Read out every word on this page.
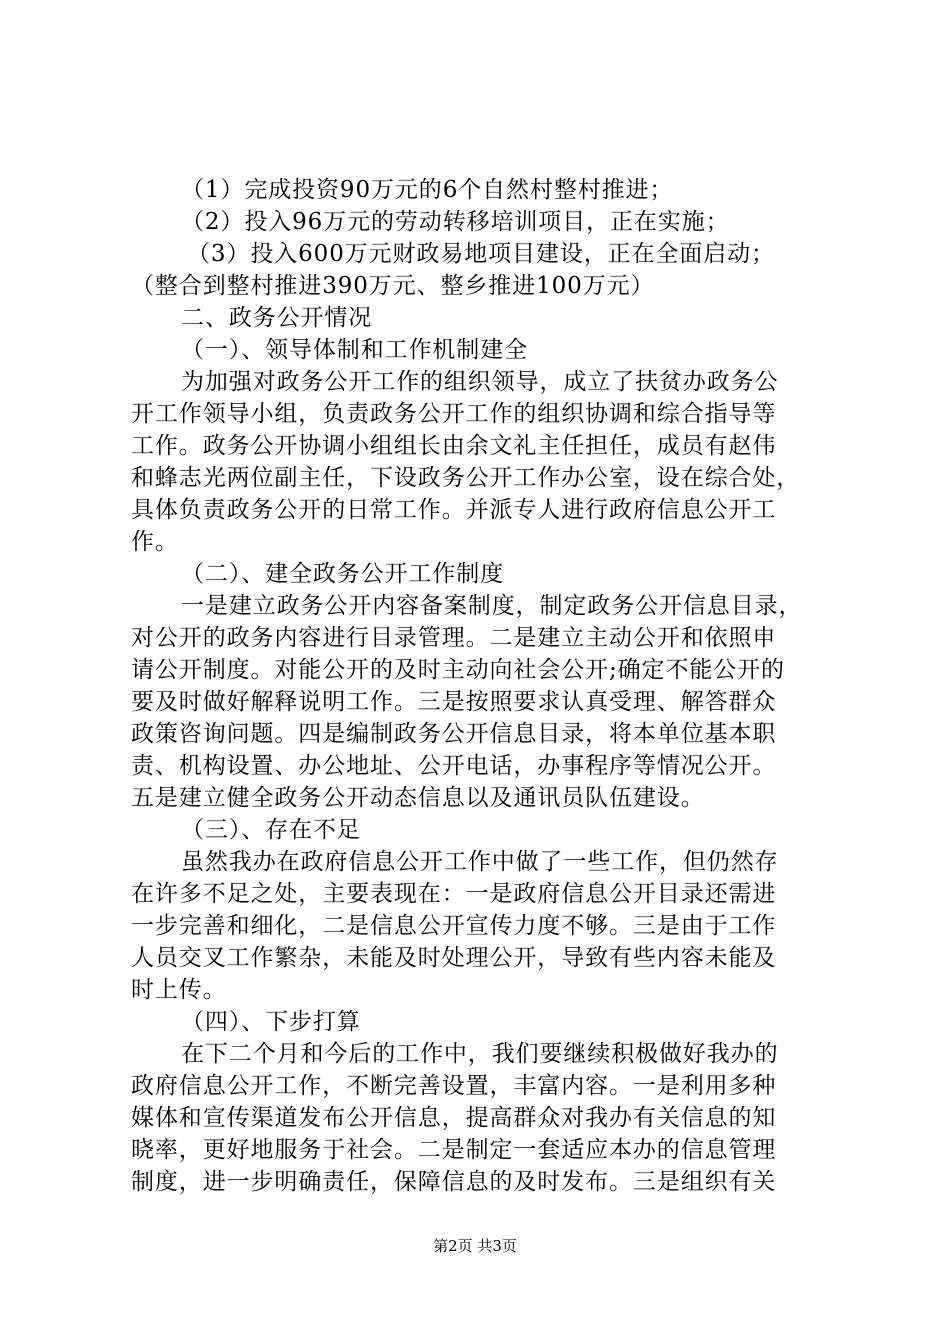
（1）完成投资90万元的6个自然村整村推进；
（2）投入96万元的劳动转移培训项目，正在实施；
（3）投入600万元财政易地项目建设，正在全面启动；
（整合到整村推进390万元、整乡推进100万元）
二、政务公开情况
（一）、领导体制和工作机制建全
为加强对政务公开工作的组织领导，成立了扶贫办政务公
开工作领导小组，负责政务公开工作的组织协调和综合指导等
工作。政务公开协调小组组长由余文礼主任担任，成员有赵伟
和蜂志光两位副主任，下设政务公开工作办公室，设在综合处，
具体负责政务公开的日常工作。并派专人进行政府信息公开工
作。
（二）、建全政务公开工作制度
一是建立政务公开内容备案制度，制定政务公开信息目录，
对公开的政务内容进行目录管理。二是建立主动公开和依照申
请公开制度。对能公开的及时主动向社会公开;确定不能公开的
要及时做好解释说明工作。三是按照要求认真受理、解答群众
政策咨询问题。四是编制政务公开信息目录，将本单位基本职
责、机构设置、办公地址、公开电话，办事程序等情况公开。
五是建立健全政务公开动态信息以及通讯员队伍建设。
（三）、存在不足
虽然我办在政府信息公开工作中做了一些工作，但仍然存
在许多不足之处，主要表现在：一是政府信息公开目录还需进
一步完善和细化，二是信息公开宣传力度不够。三是由于工作
人员交叉工作繁杂，未能及时处理公开，导致有些内容未能及
时上传。
（四）、下步打算
在下二个月和今后的工作中，我们要继续积极做好我办的
政府信息公开工作，不断完善设置，丰富内容。一是利用多种
媒体和宣传渠道发布公开信息，提高群众对我办有关信息的知
晓率，更好地服务于社会。二是制定一套适应本办的信息管理
制度，进一步明确责任，保障信息的及时发布。三是组织有关
第2页 共3页
